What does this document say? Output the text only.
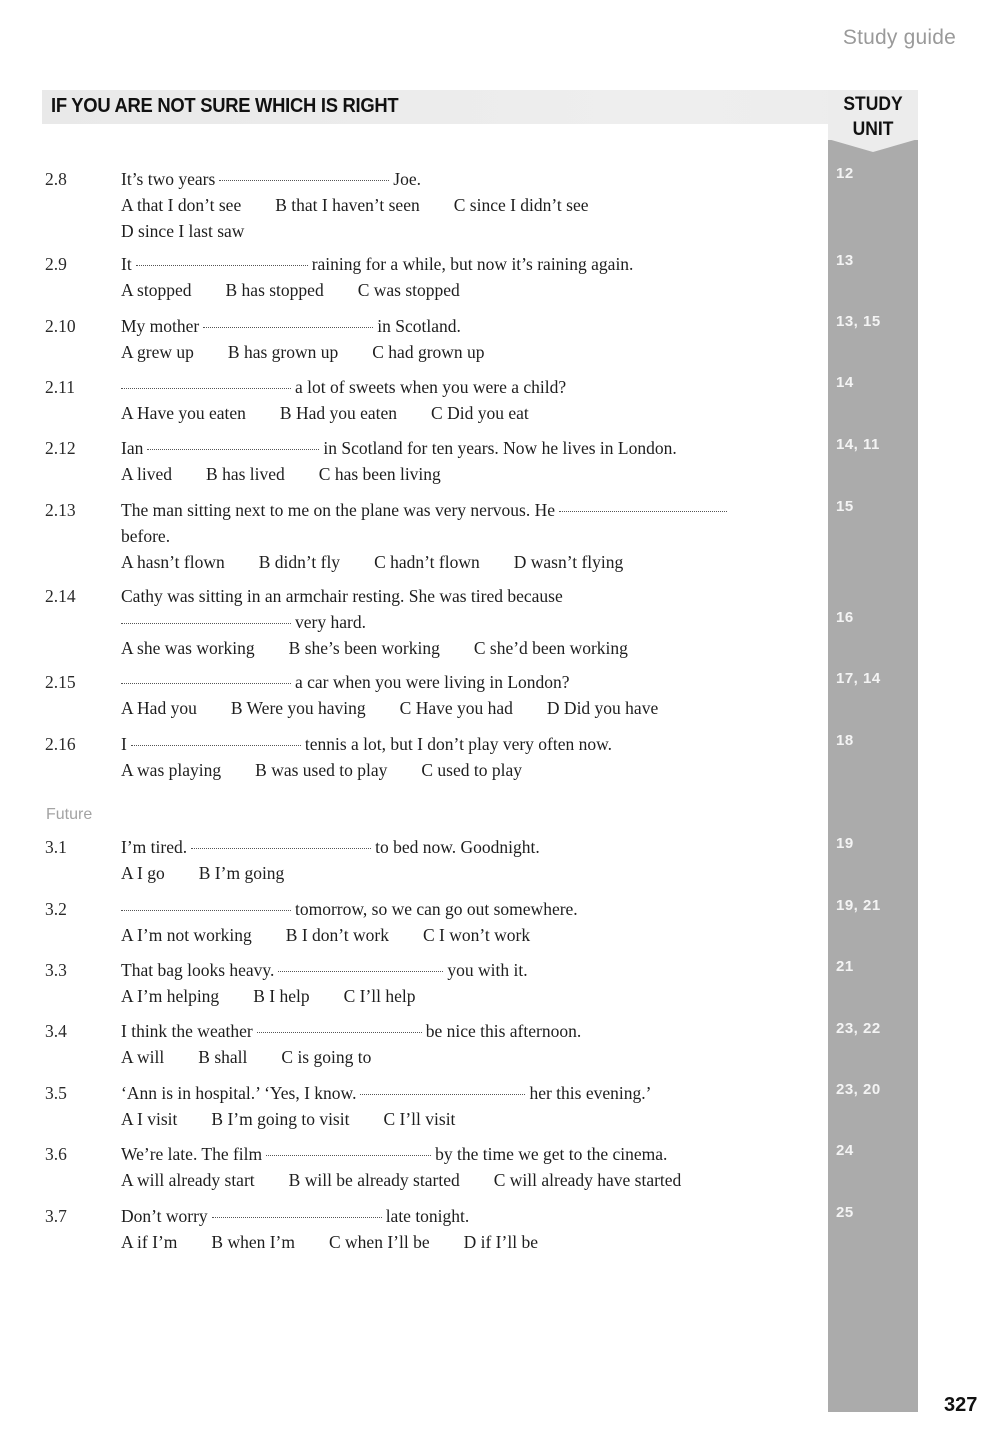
Study guide
IF YOU ARE NOT SURE WHICH IS RIGHT	STUDY
UNIT
2.8	It’s two years	Joe.
A that I don’t see B that I haven’t seen C since I didn’t see
D since I last saw
12
2.9	It	raining for a while, but now it’s raining again.
A stopped B has stopped C was stopped
13
2.10	My mother	in Scotland.
A grew up B has grown up C had grown up
13, 15
2.11	a lot of sweets when you were a child?
A Have you eaten B Had you eaten C Did you eat
14
2.12	Ian	in Scotland for ten years. Now he lives in London.
A lived B has lived C has been living
14, 11
2.13	The man sitting next to me on the plane was very nervous. He
before.
A hasn’t flown B didn’t fly C hadn’t flown D wasn’t flying
15
2.14	Cathy was sitting in an armchair resting. She was tired because
very hard.
A she was working B she’s been working C she’d been working
16
2.15	a car when you were living in London?
A Had you B Were you having C Have you had D Did you have
17, 14
2.16	I	tennis a lot, but I don’t play very often now.
A was playing B was used to play C used to play
18
3.1	I’m tired.	to bed now. Goodnight.
A I go B I’m going
19
3.2	tomorrow, so we can go out somewhere.
A I’m not working B I don’t work C I won’t work
19, 21
3.3	That bag looks heavy.	you with it.
A I’m helping B I help C I’ll help
21
3.4	I think the weather	be nice this afternoon.
A will B shall C is going to
23, 22
3.5	‘Ann is in hospital.’ ‘Yes, I know.	her this evening.’
A I visit B I’m going to visit C I’ll visit
23, 20
3.6	We’re late. The film	by the time we get to the cinema.
A will already start B will be already started C will already have started
24
3.7	Don’t worry	late tonight.
A if I’m B when I’m C when I’ll be D if I’ll be
25
Future
327
